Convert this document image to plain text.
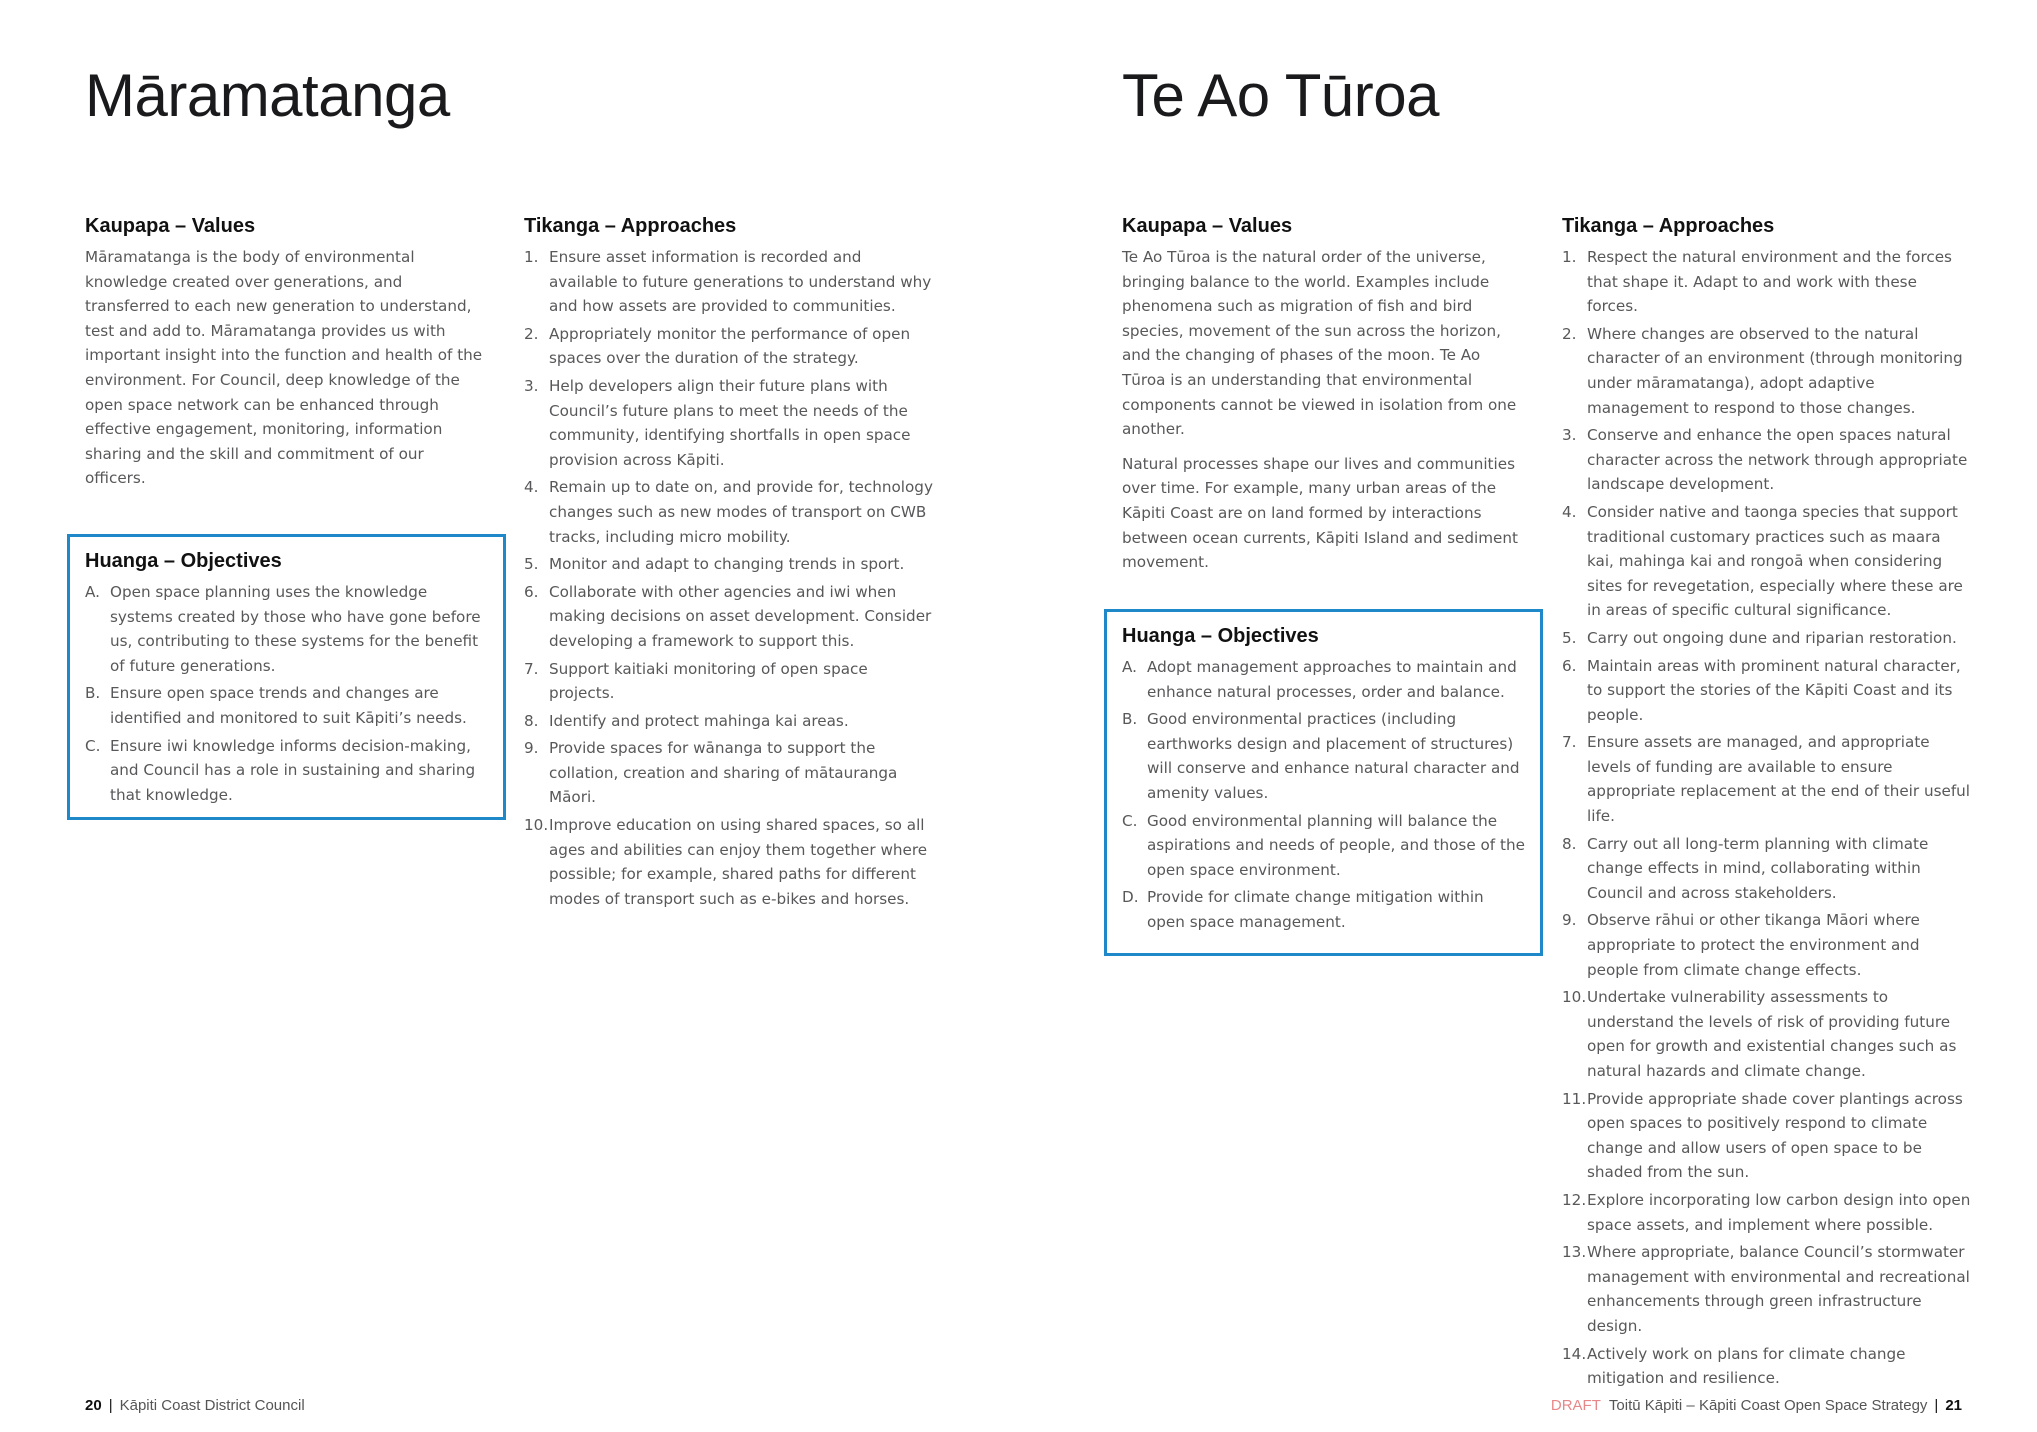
Māramatanga
Kaupapa – Values

Māramatanga is the body of environmental knowledge created over generations, and transferred to each new generation to understand, test and add to. Māramatanga provides us with important insight into the function and health of the environment. For Council, deep knowledge of the open space network can be enhanced through effective engagement, monitoring, information sharing and the skill and commitment of our officers.

Huanga – Objectives
A. Open space planning uses the knowledge systems created by those who have gone before us, contributing to these systems for the benefit of future generations.
B. Ensure open space trends and changes are identified and monitored to suit Kāpiti’s needs.
C. Ensure iwi knowledge informs decision-making, and Council has a role in sustaining and sharing that knowledge.
Tikanga – Approaches
1. Ensure asset information is recorded and available to future generations to understand why and how assets are provided to communities.
2. Appropriately monitor the performance of open spaces over the duration of the strategy.
3. Help developers align their future plans with Council’s future plans to meet the needs of the community, identifying shortfalls in open space provision across Kāpiti.
4. Remain up to date on, and provide for, technology changes such as new modes of transport on CWB tracks, including micro mobility.
5. Monitor and adapt to changing trends in sport.
6. Collaborate with other agencies and iwi when making decisions on asset development. Consider developing a framework to support this.
7. Support kaitiaki monitoring of open space projects.
8. Identify and protect mahinga kai areas.
9. Provide spaces for wānanga to support the collation, creation and sharing of mātauranga Māori.
10. Improve education on using shared spaces, so all ages and abilities can enjoy them together where possible; for example, shared paths for different modes of transport such as e-bikes and horses.
20 | Kāpiti Coast District Council
Te Ao Tūroa
Kaupapa – Values

Te Ao Tūroa is the natural order of the universe, bringing balance to the world. Examples include phenomena such as migration of fish and bird species, movement of the sun across the horizon, and the changing of phases of the moon. Te Ao Tūroa is an understanding that environmental components cannot be viewed in isolation from one another.

Natural processes shape our lives and communities over time. For example, many urban areas of the Kāpiti Coast are on land formed by interactions between ocean currents, Kāpiti Island and sediment movement.

Huanga – Objectives
A. Adopt management approaches to maintain and enhance natural processes, order and balance.
B. Good environmental practices (including earthworks design and placement of structures) will conserve and enhance natural character and amenity values.
C. Good environmental planning will balance the aspirations and needs of people, and those of the open space environment.
D. Provide for climate change mitigation within open space management.
Tikanga – Approaches
1. Respect the natural environment and the forces that shape it. Adapt to and work with these forces.
2. Where changes are observed to the natural character of an environment (through monitoring under māramatanga), adopt adaptive management to respond to those changes.
3. Conserve and enhance the open spaces natural character across the network through appropriate landscape development.
4. Consider native and taonga species that support traditional customary practices such as maara kai, mahinga kai and rongoā when considering sites for revegetation, especially where these are in areas of specific cultural significance.
5. Carry out ongoing dune and riparian restoration.
6. Maintain areas with prominent natural character, to support the stories of the Kāpiti Coast and its people.
7. Ensure assets are managed, and appropriate levels of funding are available to ensure appropriate replacement at the end of their useful life.
8. Carry out all long-term planning with climate change effects in mind, collaborating within Council and across stakeholders.
9. Observe rāhui or other tikanga Māori where appropriate to protect the environment and people from climate change effects.
10. Undertake vulnerability assessments to understand the levels of risk of providing future open for growth and existential changes such as natural hazards and climate change.
11. Provide appropriate shade cover plantings across open spaces to positively respond to climate change and allow users of open space to be shaded from the sun.
12. Explore incorporating low carbon design into open space assets, and implement where possible.
13. Where appropriate, balance Council’s stormwater management with environmental and recreational enhancements through green infrastructure design.
14. Actively work on plans for climate change mitigation and resilience.
DRAFT Toitū Kāpiti – Kāpiti Coast Open Space Strategy | 21
